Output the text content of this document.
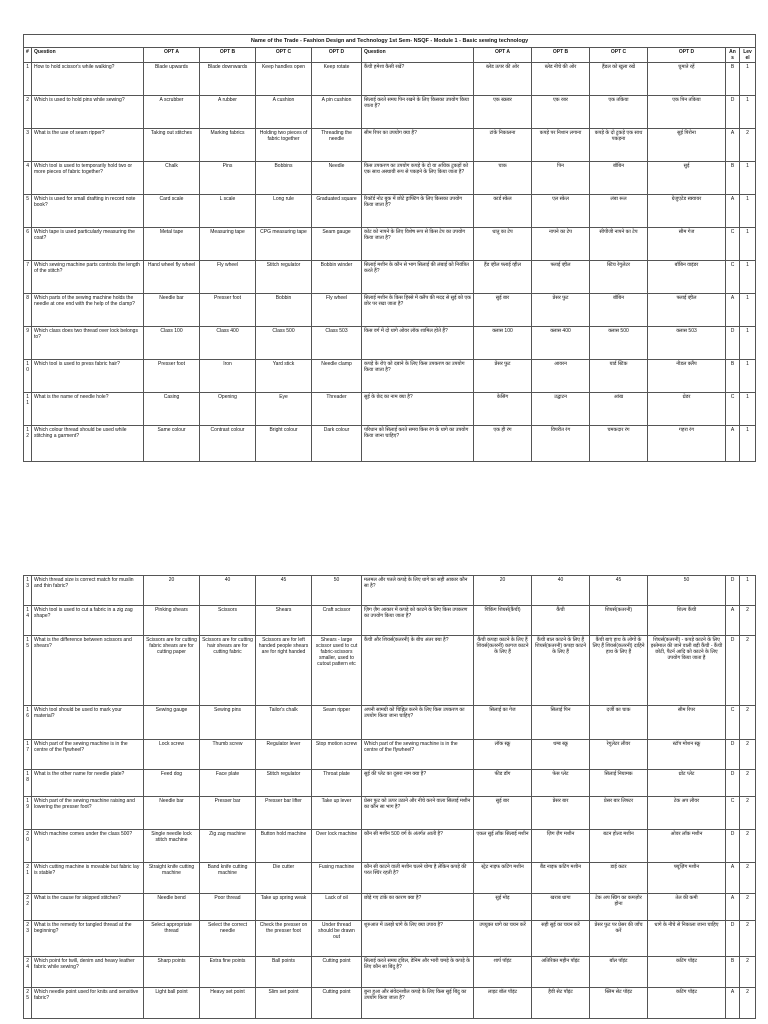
Name of the Trade - Fashion Design and Technology 1st Sem- NSQF - Module 1 - Basic sewing technology												
#	Question	OPT A	OPT B	OPT C	OPT D	Question	OPT A	OPT B	OPT C	OPT D	Ans	Level
1	How to hold scissor's while walking?	Blade upwards	Blade downwards	Keep handles open	Keep rotate	कैंची हमेशा कैसी रखें?	ब्लेड ऊपर की ओर	ब्लेड नीचे की ओर	हैंडल को खुला रखें	घुमाते रहें	B	1
2	Which is used to hold pins while sewing?	A scrubber	A rubber	A cushion	A pin cushion	सिलाई करते समय पिन रखने के लिए किसका उपयोग किया जाता है?	एक स्क्रबर	एक रबर	एक तकिया	एक पिन तकिया	D	1
3	What is the use of seam ripper?	Taking out stitches	Marking fabrics	Holding two pieces of fabric together	Threading the needle	सीम रिपर का उपयोग क्या है?	टांके निकालना	कपड़े पर निशान लगाना	कपड़े के दो टुकड़े एक साथ पकड़ना	सुई पिरोना	A	2
4	Which tool is used to temporarily hold two or more pieces of fabric together?	Chalk	Pins	Bobbins	Needle	किस उपकरण का उपयोग कपड़े के दो या अधिक टुकड़ों को एक साथ अस्थायी रूप से पकड़ने के लिए किया जाता है?	चाक	पिन	बॉबिन	सुई	B	1
5	Which is used for small drafting in record note book?	Card scale	L scale	Long rule	Graduated square	रिकॉर्ड नोट बुक में छोटे ड्राफ्टिंग के लिए किसका उपयोग किया जाता है?	कार्ड स्केल	एल स्केल	लंबा रूल	ग्रेजुएटेड स्क्वायर	A	1
6	Which tape is used particularly measuring the coat?	Metal tape	Measuring tape	CPG measuring tape	Seam gauge	कोट को नापने के लिए विशेष रूप से किस टेप का उपयोग किया जाता है?	धातु का टेप	नापने का टेप	सीपीजी नापने का टेप	सीम गेज	C	1
7	Which sewing machine parts controls the length of the stitch?	Hand wheel fly wheel	Fly wheel	Stitch regulator	Bobbin winder	सिलाई मशीन के कौन से भाग सिलाई की लंबाई को नियंत्रित करते हैं?	हैंड व्हील फ्लाई व्हील	फ्लाई व्हील	स्टिच रेगुलेटर	बॉबिन वाइंडर	C	1
8	Which parts of the sewing machine holds the needle at one end with the help of the clamp?	Needle bar	Presser foot	Bobbin	Fly wheel	सिलाई मशीन के किस हिस्से में क्लैंप की मदद से सुई को एक छोर पर रखा जाता है?	सुई बार	प्रेसर फुट	बॉबिन	फ्लाई व्हील	A	1
9	Which class does two thread over lock belongs to?	Class 100	Class 400	Class 500	Class 503	किस वर्ग में दो धागे ओवर लॉक शामिल होते हैं?	क्लास 100	क्लास 400	क्लास 500	क्लास 503	D	1
10	Which tool is used to press fabric hair?	Presser foot	Iron	Yard stick	Needle clamp	कपड़े के रोएं को दबाने के लिए किस उपकरण का उपयोग किया जाता है?	प्रेसर फुट	आयरन	यार्ड स्टिक	नीडल क्लैंप	B	1
11	What is the name of needle hole?	Casing	Opening	Eye	Threader	सुई के छेद का नाम क्या है?	केसिंग	उद्घाटन	आंख	थ्रेडर	C	1
12	Which colour thread should be used while stitching a garment?	Same colour	Contrast colour	Bright colour	Dark colour	परिधान को सिलाई करते समय किस रंग के धागे का उपयोग किया जाना चाहिए?	एक ही रंग	विपरीत रंग	चमकदार रंग	गहरा रंग	A	1
13	Which thread size is correct match for muslin and thin fabric?	20	40	45	50	मलमल और पतले कपड़े के लिए धागे का सही आकार कौन सा है?	20	40	45	50	D	1
14	Which tool is used to cut a fabric in a zig zag shape?	Pinking shears	Scissors	Shears	Craft scissor	ज़िग ज़ैग आकार में कपड़े को काटने के लिए किस उपकरण का उपयोग किया जाता है?	पिंकिंग शियर्स(कैंची)	कैंची	शियर्स(कतरनी)	शिल्प कैंची	A	2
15	What is the difference between scissors and shears?	Scissors are for cutting fabric shears are for cutting paper	Scissors are for cutting hair shears are for cutting fabric	Scissors are for left handed people shears are for right handed	Shears - large scissor used to cut fabric-scissors smaller, used to cutout pattern etc	कैंची और शियर्स(कतरनी) के बीच अंतर क्या है?	कैंची कपड़ा काटने के लिए हैं शियर्स(कतरनी) कागज काटने के लिए हैं	कैंची बाल काटने के लिए हैं शियर्स(कतरनी) कपड़ा काटने के लिए हैं	कैंची बाएं हाथ के लोगों के लिए हैं शियर्स(कतरनी) दाहिने हाथ के लिए हैं	शियर्स(कतरनी) - कपड़े काटने के लिए इस्तेमाल की जाने वाली बड़ी कैंची - कैंची छोटी, पैटर्न आदि को काटने के लिए उपयोग किया जाता है	D	2
16	Which tool should be used to mark your material?	Sewing gauge	Sewing pins	Tailor's chalk	Seam ripper	अपनी सामग्री को चिह्नित करने के लिए किस उपकरण का उपयोग किया जाना चाहिए?	सिलाई का गेज	सिलाई पिन	दर्जी का चाक	सीम रिपर	C	2
17	Which part of the sewing machine is in the centre of the flywheel?	Lock screw	Thumb screw	Regulator lever	Stop motion screw	Which part of the sewing machine is in the centre of the flywheel?	लॉक स्क्रू	थम्ब स्क्रू	रेगुलेटर लीवर	स्टॉप मोशन स्क्रू	D	2
18	What is the other name for needle plate?	Feed dog	Face plate	Stitch regulator	Throat plate	सुई की प्लेट का दूसरा नाम क्या है?	फीड डॉग	फेस प्लेट	सिलाई नियामक	थ्रोट प्लेट	D	2
19	Which part of the sewing machine raising and lowering the presser foot?	Needle bar	Presser bar	Presser bar lifter	Take up lever	प्रेसर फुट को ऊपर उठाने और नीचे करने वाला सिलाई मशीन का कौन सा भाग है?	सुई बार	प्रेसर बार	प्रेसर बार लिफ्टर	टेक अप लीवर	C	2
20	Which machine comes under the class 500?	Single needle lock stitch machine	Zig zag machine	Button hold machine	Over lock machine	कौन सी मशीन 500 वर्ग के अंतर्गत आती है?	एकल सुई लॉक सिलाई मशीन	ज़िग ज़ैग मशीन	बटन होल्ड मशीन	ओवर लॉक मशीन	D	2
21	Which cutting machine is movable but fabric lay is stable?	Straight knife cutting machine	Band knife cutting machine	Die cutter	Fusing machine	कौन सी काटने वाली मशीन चलने योग्य है लेकिन कपड़े की परत स्थिर रहती है?	स्ट्रेट नाइफ कटिंग मशीन	बैंड नाइफ कटिंग मशीन	डाई कटर	फ्यूज़िंग मशीन	A	2
22	What is the cause for skipped stitches?	Needle bend	Poor thread	Take up spring weak	Lack of oil	छोड़े गए टांके का कारण क्या है?	सुई मोड़	खराब धागा	टेक अप स्प्रिंग का कमज़ोर होना	तेल की कमी	A	2
23	What is the remedy for tangled thread at the beginning?	Select appropriate thread	Select the correct needle	Check the presser on the presser foot	Under thread should be drawn out	शुरुआत में उलझे धागे के लिए क्या उपाय है?	उपयुक्त धागे का चयन करें	सही सुई का चयन करें	प्रेसर फुट पर प्रेसर की जाँच करें	धागे के नीचे से निकाला जाना चाहिए	D	2
24	Which point for twill, denim and heavy leather fabric while sewing?	Sharp points	Extra fine points	Ball points	Cutting point	सिलाई करते समय ट्विल, डेनिम और भारी चमड़े के कपड़े के लिए कौन सा बिंदु है?	शार्प पॉइंट	अतिरिक्त महीन पॉइंट	बॉल पॉइंट	कटिंग पॉइंट	B	2
25	Which needle point used for knits and sensitive fabric?	Light ball point	Heavy set point	Slim set point	Cutting point	बुना हुआ और संवेदनशील कपड़े के लिए किस सुई बिंदु का उपयोग किया जाता है?	लाइट बॉल पॉइंट	हैवी सेट पॉइंट	स्लिम सेट पॉइंट	कटिंग पॉइंट	A	2
